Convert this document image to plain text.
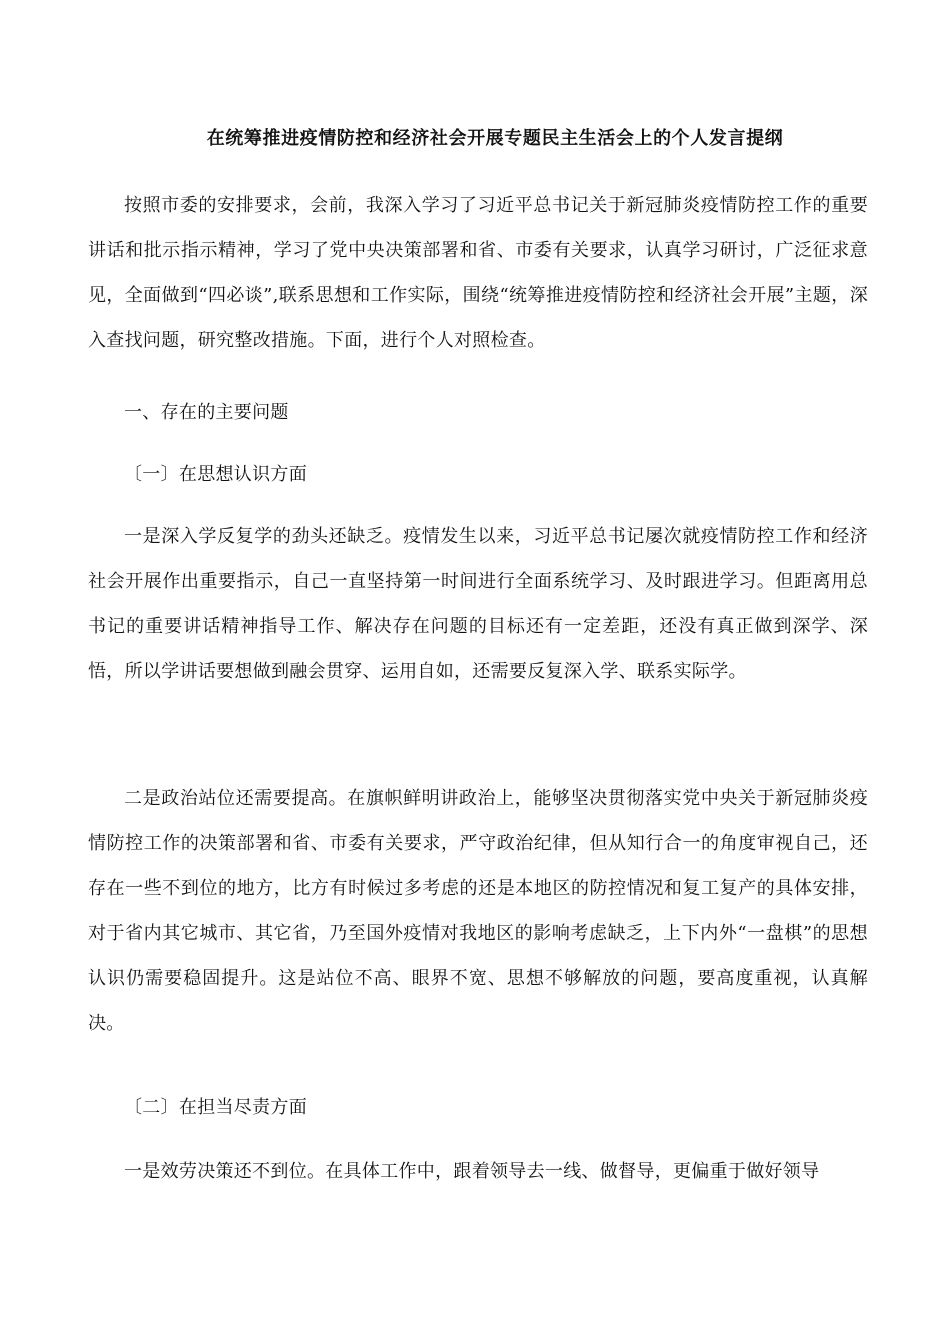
在统筹推进疫情防控和经济社会开展专题民主生活会上的个人发言提纲

按照市委的安排要求，会前，我深入学习了习近平总书记关于新冠肺炎疫情防控工作的重要讲话和批示指示精神，学习了党中央决策部署和省、市委有关要求，认真学习研讨，广泛征求意见，全面做到“四必谈”,联系思想和工作实际，围绕“统筹推进疫情防控和经济社会开展”主题，深入查找问题，研究整改措施。下面，进行个人对照检查。

一、存在的主要问题

〔一〕在思想认识方面

一是深入学反复学的劲头还缺乏。疫情发生以来，习近平总书记屡次就疫情防控工作和经济社会开展作出重要指示，自己一直坚持第一时间进行全面系统学习、及时跟进学习。但距离用总书记的重要讲话精神指导工作、解决存在问题的目标还有一定差距，还没有真正做到深学、深悟，所以学讲话要想做到融会贯穿、运用自如，还需要反复深入学、联系实际学。

二是政治站位还需要提高。在旗帜鲜明讲政治上，能够坚决贯彻落实党中央关于新冠肺炎疫情防控工作的决策部署和省、市委有关要求，严守政治纪律，但从知行合一的角度审视自己，还存在一些不到位的地方，比方有时候过多考虑的还是本地区的防控情况和复工复产的具体安排，对于省内其它城市、其它省，乃至国外疫情对我地区的影响考虑缺乏，上下内外“一盘棋”的思想认识仍需要稳固提升。这是站位不高、眼界不宽、思想不够解放的问题，要高度重视，认真解决。

〔二〕在担当尽责方面

一是效劳决策还不到位。在具体工作中，跟着领导去一线、做督导，更偏重于做好领导
